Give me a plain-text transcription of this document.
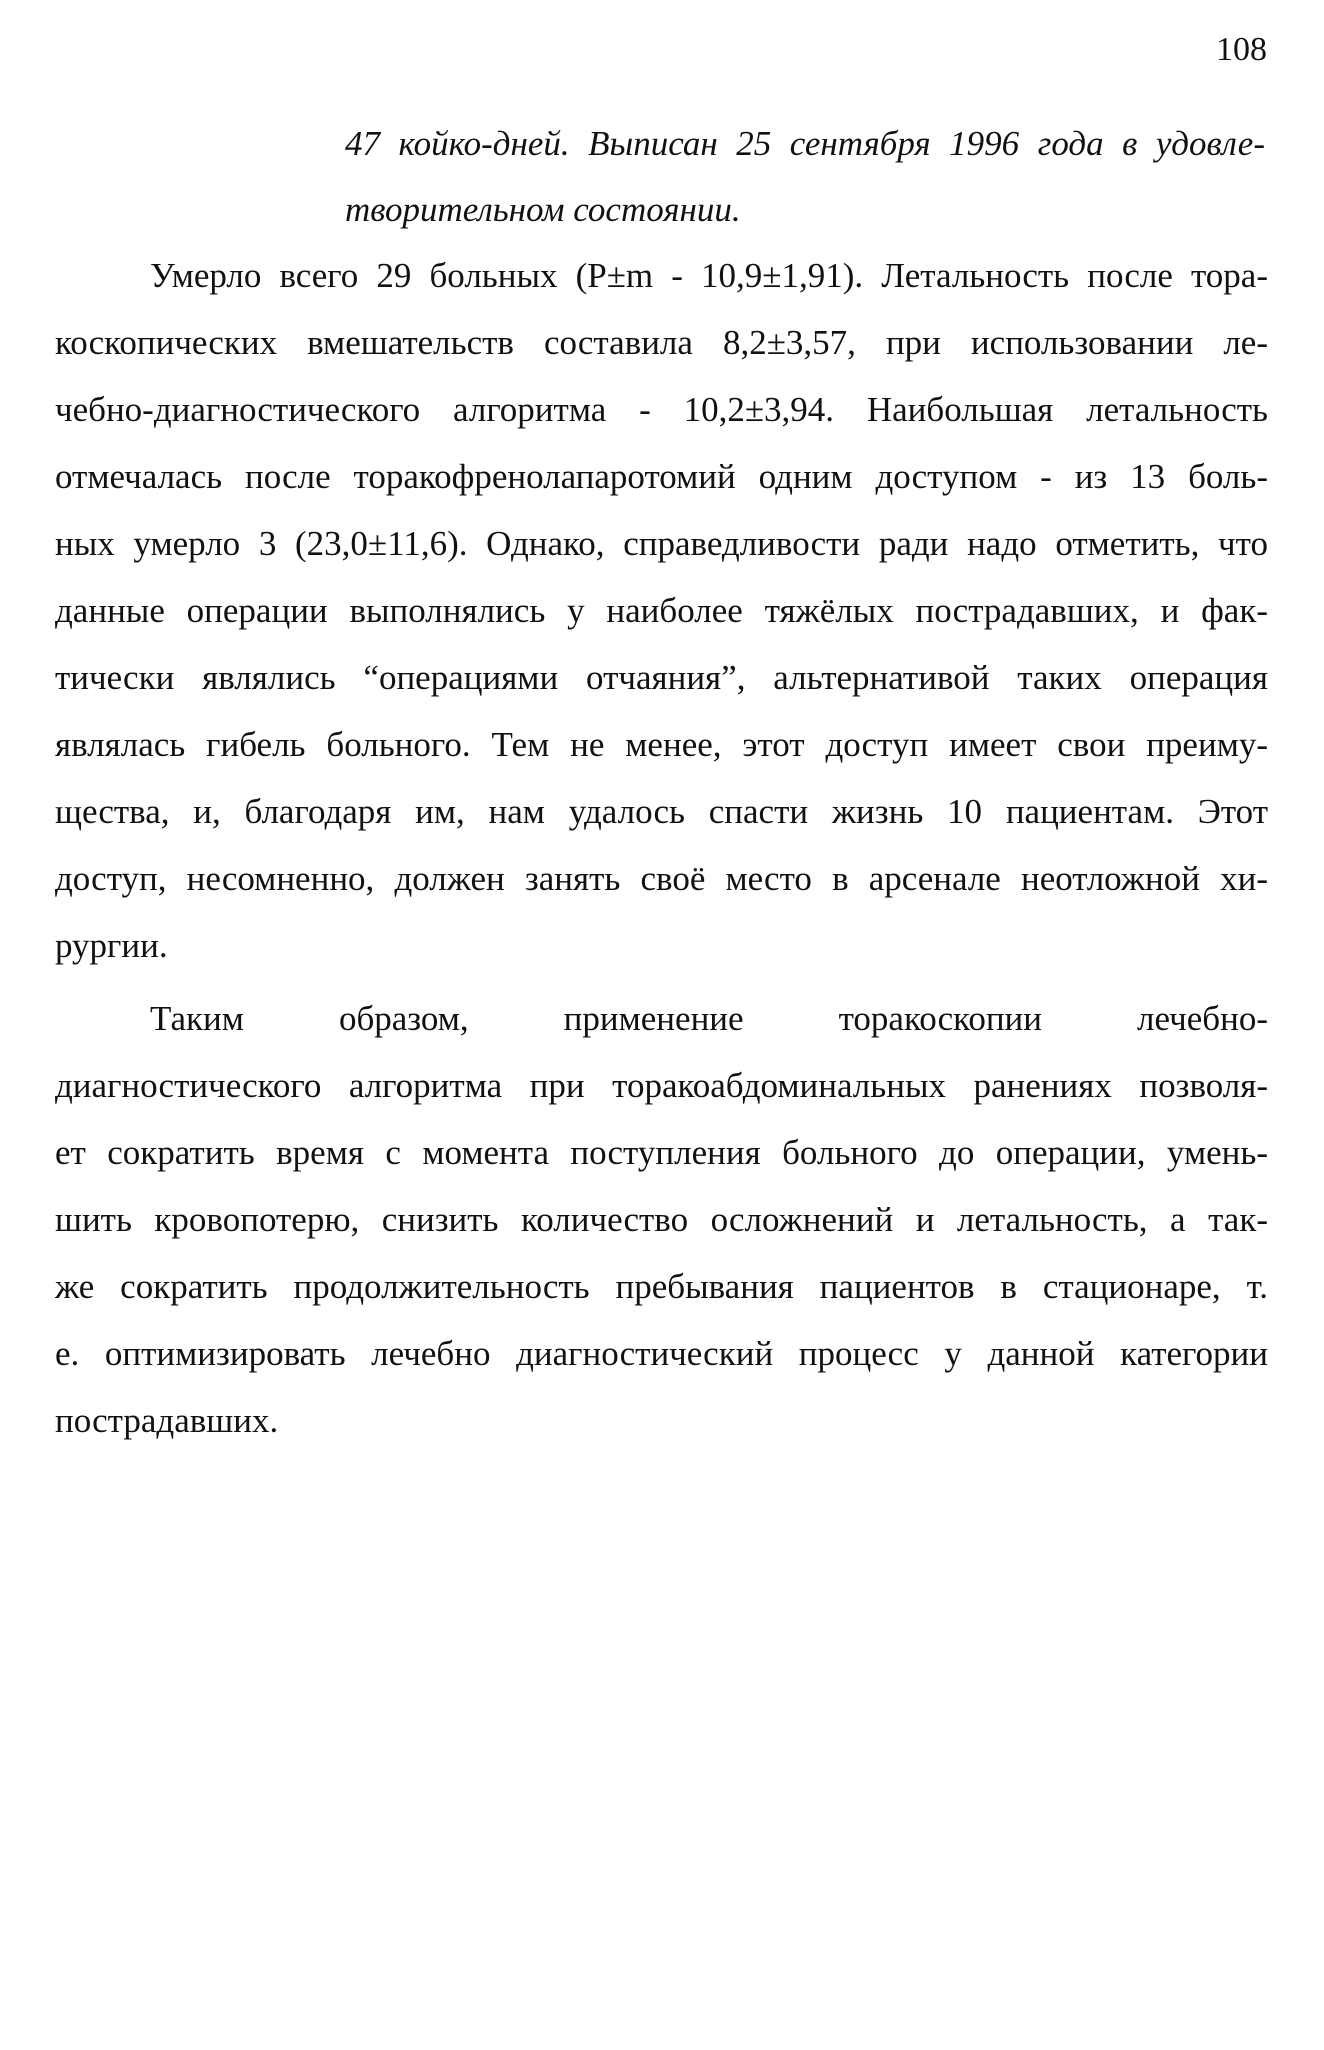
108
47 койко-дней. Выписан 25 сентября 1996 года в удовле-
творительном состоянии.
Умерло всего 29 больных (P±m - 10,9±1,91). Летальность после тора-
коскопических вмешательств составила 8,2±3,57, при использовании ле-
чебно-диагностического алгоритма - 10,2±3,94. Наибольшая летальность
отмечалась после торакофренолапаротомий одним доступом - из 13 боль-
ных умерло 3 (23,0±11,6). Однако, справедливости ради надо отметить, что
данные операции выполнялись у наиболее тяжёлых пострадавших, и фак-
тически являлись “операциями отчаяния”, альтернативой таких операция
являлась гибель больного. Тем не менее, этот доступ имеет свои преиму-
щества, и, благодаря им, нам удалось спасти жизнь 10 пациентам. Этот
доступ, несомненно, должен занять своё место в арсенале неотложной хи-
рургии.
Таким образом, применение торакоскопии лечебно-
диагностического алгоритма при торакоабдоминальных ранениях позволя-
ет сократить время с момента поступления больного до операции, умень-
шить кровопотерю, снизить количество осложнений и летальность, а так-
же сократить продолжительность пребывания пациентов в стационаре, т.
е. оптимизировать лечебно диагностический процесс у данной категории
пострадавших.
